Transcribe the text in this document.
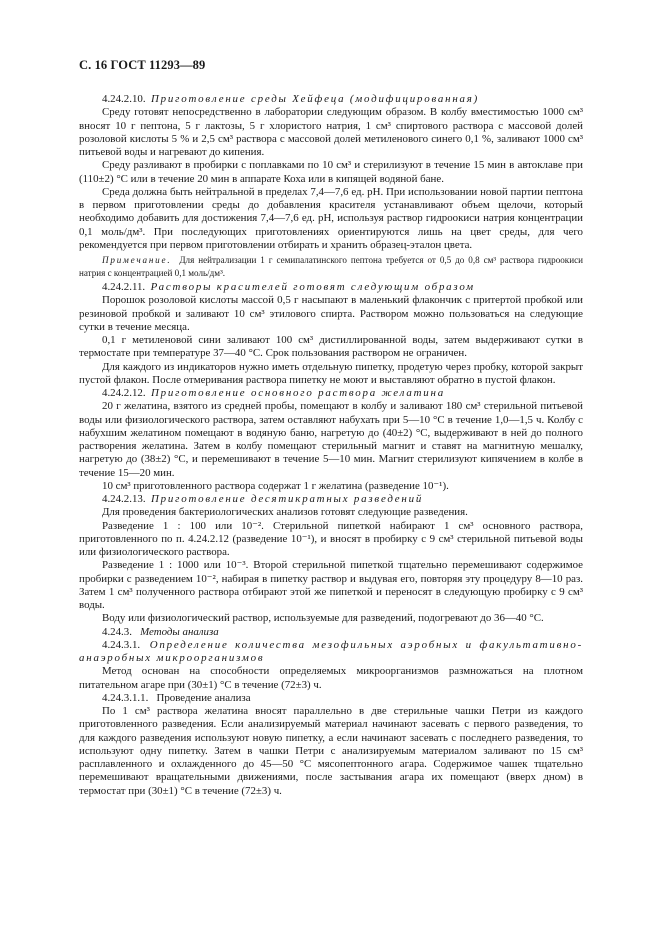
С. 16 ГОСТ 11293—89

4.24.2.10. Приготовление среды Хейфеца (модифицированная)

Среду готовят непосредственно в лаборатории следующим образом. В колбу вместимостью 1000 см³ вносят 10 г пептона, 5 г лактозы, 5 г хлористого натрия, 1 см³ спиртового раствора с массовой долей розоловой кислоты 5 % и 2,5 см³ раствора с массовой долей метиленового синего 0,1 %, заливают 1000 см³ питьевой воды и нагревают до кипения.

Среду разливают в пробирки с поплавками по 10 см³ и стерилизуют в течение 15 мин в автоклаве при (110±2) °С или в течение 20 мин в аппарате Коха или в кипящей водяной бане.

Среда должна быть нейтральной в пределах 7,4—7,6 ед. рН. При использовании новой партии пептона в первом приготовлении среды до добавления красителя устанавливают объем щелочи, который необходимо добавить для достижения 7,4—7,6 ед. рН, используя раствор гидроокиси натрия концентрации 0,1 моль/дм³. При последующих приготовлениях ориентируются лишь на цвет среды, для чего рекомендуется при первом приготовлении отбирать и хранить образец-эталон цвета.

Примечание. Для нейтрализации 1 г семипалатинского пептона требуется от 0,5 до 0,8 см³ раствора гидроокиси натрия с концентрацией 0,1 моль/дм³.

4.24.2.11. Растворы красителей готовят следующим образом

Порошок розоловой кислоты массой 0,5 г насыпают в маленький флакончик с притертой пробкой или резиновой пробкой и заливают 10 см³ этилового спирта. Раствором можно пользоваться на следующие сутки в течение месяца.

0,1 г метиленовой сини заливают 100 см³ дистиллированной воды, затем выдерживают сутки в термостате при температуре 37—40 °С. Срок пользования раствором не ограничен.

Для каждого из индикаторов нужно иметь отдельную пипетку, продетую через пробку, которой закрыт пустой флакон. После отмеривания раствора пипетку не моют и выставляют обратно в пустой флакон.

4.24.2.12. Приготовление основного раствора желатина

20 г желатина, взятого из средней пробы, помещают в колбу и заливают 180 см³ стерильной питьевой воды или физиологического раствора, затем оставляют набухать при 5—10 °С в течение 1,0—1,5 ч. Колбу с набухшим желатином помещают в водяную баню, нагретую до (40±2) °С, выдерживают в ней до полного растворения желатина. Затем в колбу помещают стерильный магнит и ставят на магнитную мешалку, нагретую до (38±2) °С, и перемешивают в течение 5—10 мин. Магнит стерилизуют кипячением в колбе в течение 15—20 мин.

10 см³ приготовленного раствора содержат 1 г желатина (разведение 10⁻¹).

4.24.2.13. Приготовление десятикратных разведений

Для проведения бактериологических анализов готовят следующие разведения.

Разведение 1 : 100 или 10⁻². Стерильной пипеткой набирают 1 см³ основного раствора, приготовленного по п. 4.24.2.12 (разведение 10⁻¹), и вносят в пробирку с 9 см³ стерильной питьевой воды или физиологического раствора.

Разведение 1 : 1000 или 10⁻³. Второй стерильной пипеткой тщательно перемешивают содержимое пробирки с разведением 10⁻², набирая в пипетку раствор и выдувая его, повторяя эту процедуру 8—10 раз. Затем 1 см³ полученного раствора отбирают этой же пипеткой и переносят в следующую пробирку с 9 см³ воды.

Воду или физиологический раствор, используемые для разведений, подогревают до 36—40 °С.

4.24.3. Методы анализа

4.24.3.1. Определение количества мезофильных аэробных и факультативно-анаэробных микроорганизмов

Метод основан на способности определяемых микроорганизмов размножаться на плотном питательном агаре при (30±1) °С в течение (72±3) ч.

4.24.3.1.1. Проведение анализа

По 1 см³ раствора желатина вносят параллельно в две стерильные чашки Петри из каждого приготовленного разведения. Если анализируемый материал начинают засевать с первого разведения, то для каждого разведения используют новую пипетку, а если начинают засевать с последнего разведения, то используют одну пипетку. Затем в чашки Петри с анализируемым материалом заливают по 15 см³ расплавленного и охлажденного до 45—50 °С мясопептонного агара. Содержимое чашек тщательно перемешивают вращательными движениями, после застывания агара их помещают (вверх дном) в термостат при (30±1) °С в течение (72±3) ч.
